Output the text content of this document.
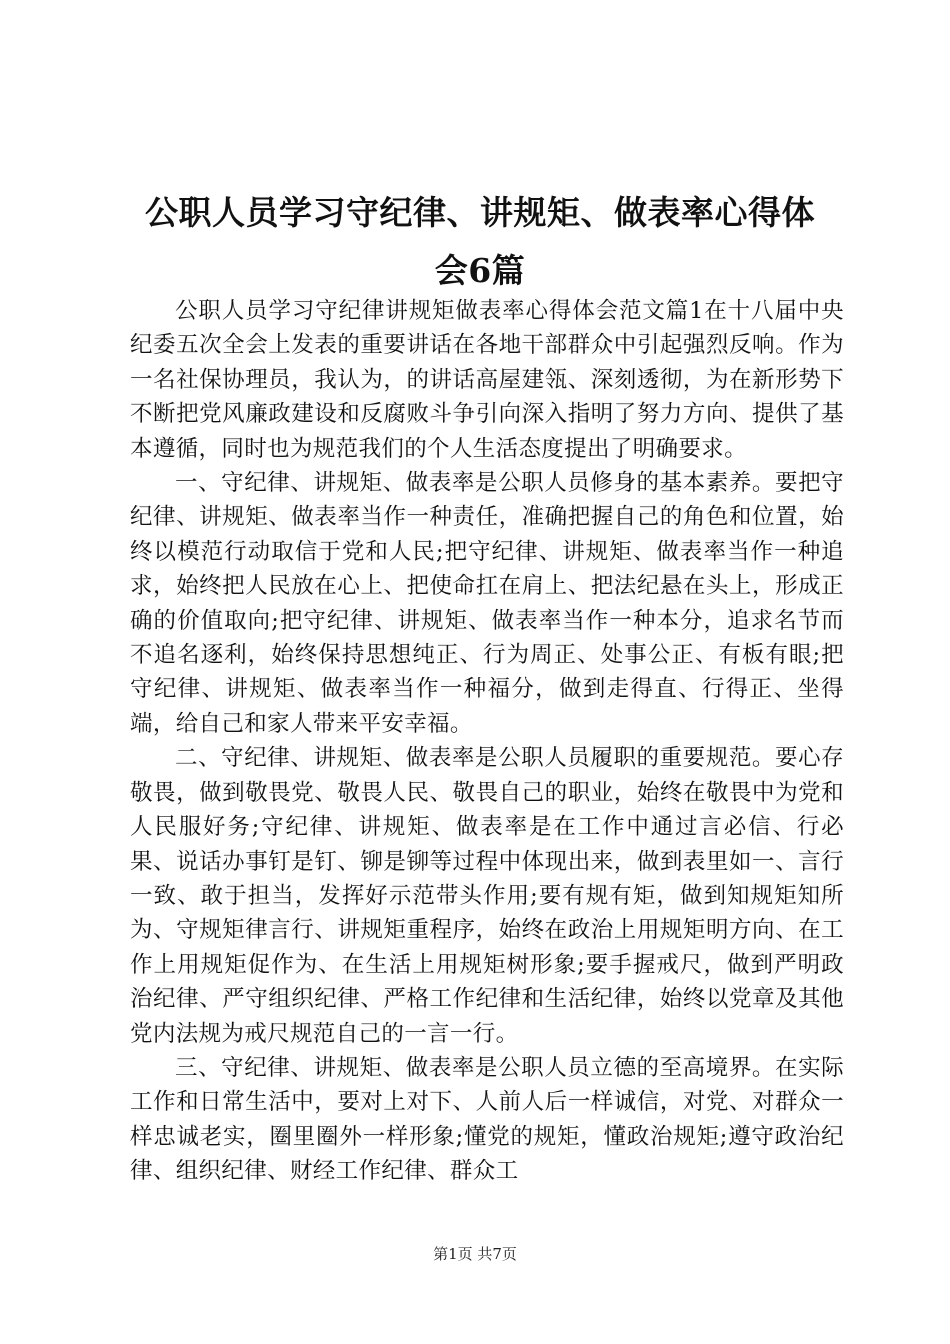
公职人员学习守纪律、讲规矩、做表率心得体
会6篇

公职人员学习守纪律讲规矩做表率心得体会范文篇1在十八届中央纪委五次全会上发表的重要讲话在各地干部群众中引起强烈反响。作为一名社保协理员，我认为，的讲话高屋建瓴、深刻透彻，为在新形势下不断把党风廉政建设和反腐败斗争引向深入指明了努力方向、提供了基本遵循，同时也为规范我们的个人生活态度提出了明确要求。

一、守纪律、讲规矩、做表率是公职人员修身的基本素养。要把守纪律、讲规矩、做表率当作一种责任，准确把握自己的角色和位置，始终以模范行动取信于党和人民;把守纪律、讲规矩、做表率当作一种追求，始终把人民放在心上、把使命扛在肩上、把法纪悬在头上，形成正确的价值取向;把守纪律、讲规矩、做表率当作一种本分，追求名节而不追名逐利，始终保持思想纯正、行为周正、处事公正、有板有眼;把守纪律、讲规矩、做表率当作一种福分，做到走得直、行得正、坐得端，给自己和家人带来平安幸福。

二、守纪律、讲规矩、做表率是公职人员履职的重要规范。要心存敬畏，做到敬畏党、敬畏人民、敬畏自己的职业，始终在敬畏中为党和人民服好务;守纪律、讲规矩、做表率是在工作中通过言必信、行必果、说话办事钉是钉、铆是铆等过程中体现出来，做到表里如一、言行一致、敢于担当，发挥好示范带头作用;要有规有矩，做到知规矩知所为、守规矩律言行、讲规矩重程序，始终在政治上用规矩明方向、在工作上用规矩促作为、在生活上用规矩树形象;要手握戒尺，做到严明政治纪律、严守组织纪律、严格工作纪律和生活纪律，始终以党章及其他党内法规为戒尺规范自己的一言一行。

三、守纪律、讲规矩、做表率是公职人员立德的至高境界。在实际工作和日常生活中，要对上对下、人前人后一样诚信，对党、对群众一样忠诚老实，圈里圈外一样形象;懂党的规矩，懂政治规矩;遵守政治纪律、组织纪律、财经工作纪律、群众工

第1页 共7页
